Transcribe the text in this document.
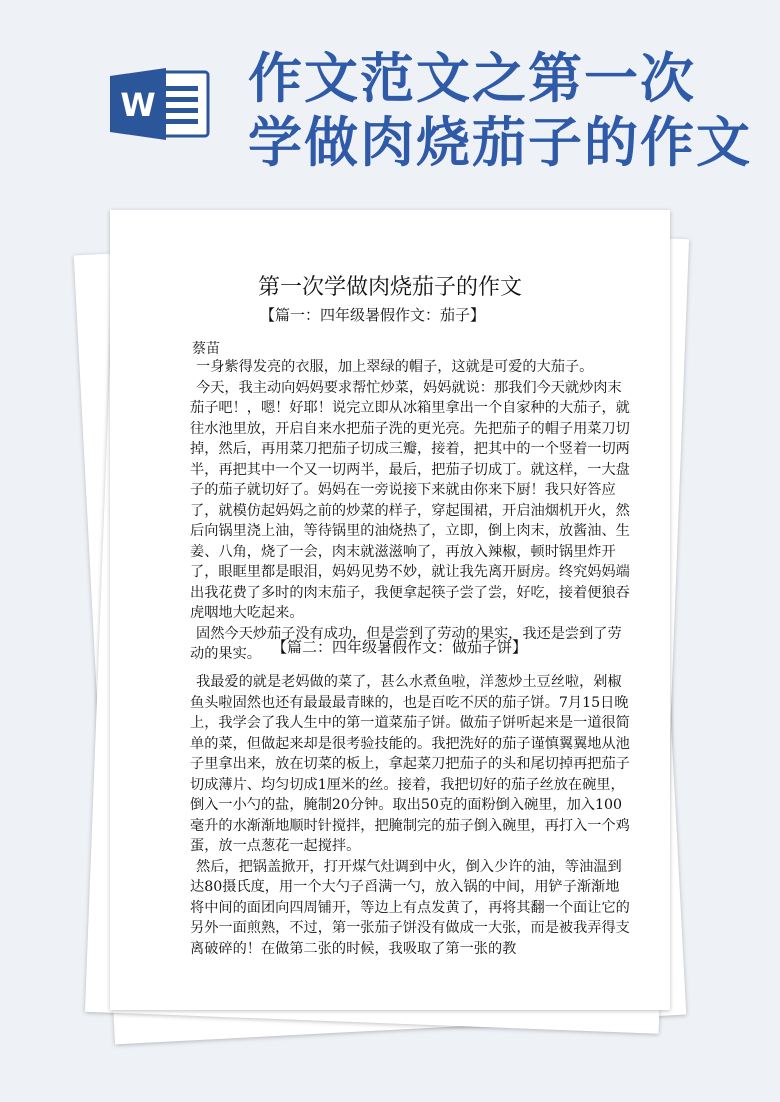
W 作文范文之第一次
学做肉烧茄子的作文
第一次学做肉烧茄子的作文
【篇一：四年级暑假作文：茄子】
蔡苗
一身紫得发亮的衣服，加上翠绿的帽子，这就是可爱的大茄子。
今天，我主动向妈妈要求帮忙炒菜，妈妈就说：那我们今天就炒肉末茄子吧！，嗯！好耶！说完立即从冰箱里拿出一个自家种的大茄子，就往水池里放，开启自来水把茄子洗的更光亮。先把茄子的帽子用菜刀切掉，然后，再用菜刀把茄子切成三瓣，接着，把其中的一个竖着一切两半，再把其中一个又一切两半，最后，把茄子切成丁。就这样，一大盘子的茄子就切好了。妈妈在一旁说接下来就由你来下厨！我只好答应了，就模仿起妈妈之前的炒菜的样子，穿起围裙，开启油烟机开火，然后向锅里浇上油，等待锅里的油烧热了，立即，倒上肉末，放酱油、生姜、八角，烧了一会，肉末就滋滋响了，再放入辣椒，顿时锅里炸开了，眼眶里都是眼泪，妈妈见势不妙，就让我先离开厨房。终究妈妈端出我花费了多时的肉末茄子，我便拿起筷子尝了尝，好吃，接着便狼吞虎咽地大吃起来。
固然今天炒茄子没有成功，但是尝到了劳动的果实，我还是尝到了劳动的果实。 【篇二：四年级暑假作文：做茄子饼】
我最爱的就是老妈做的菜了，甚么水煮鱼啦，洋葱炒土豆丝啦，剁椒鱼头啦固然也还有最最最青睐的，也是百吃不厌的茄子饼。7月15日晚上，我学会了我人生中的第一道菜茄子饼。做茄子饼听起来是一道很简单的菜，但做起来却是很考验技能的。我把洗好的茄子谨慎翼翼地从池子里拿出来，放在切菜的板上，拿起菜刀把茄子的头和尾切掉再把茄子切成薄片、均匀切成1厘米的丝。接着，我把切好的茄子丝放在碗里，倒入一小勺的盐，腌制20分钟。取出50克的面粉倒入碗里，加入100毫升的水渐渐地顺时针搅拌，把腌制完的茄子倒入碗里，再打入一个鸡蛋，放一点葱花一起搅拌。
然后，把锅盖掀开，打开煤气灶调到中火，倒入少许的油，等油温到达80摄氏度，用一个大勺子舀满一勺，放入锅的中间，用铲子渐渐地将中间的面团向四周铺开，等边上有点发黄了，再将其翻一个面让它的另外一面煎熟，不过，第一张茄子饼没有做成一大张，而是被我弄得支离破碎的！在做第二张的时候，我吸取了第一张的教
